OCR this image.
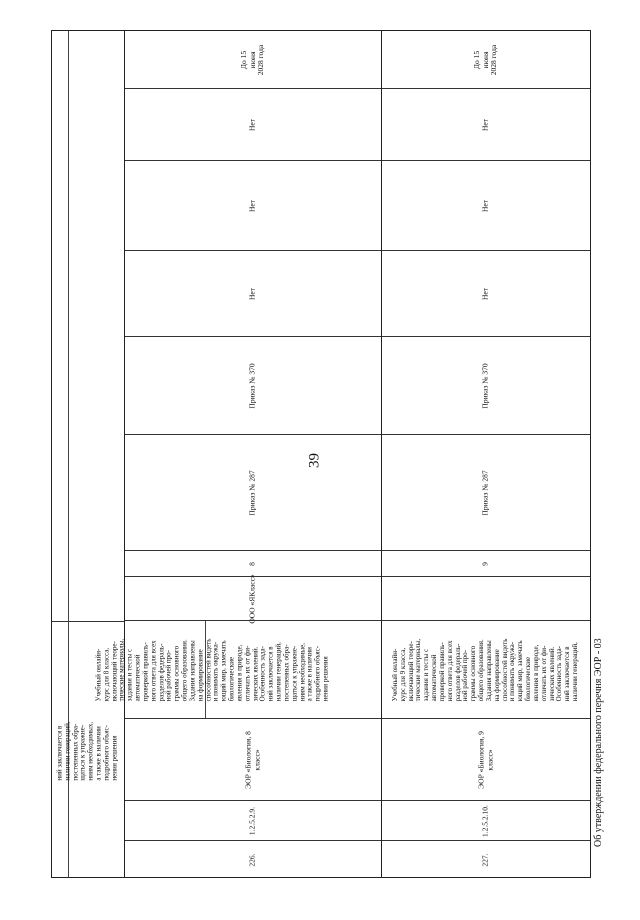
39
Об утверждении федерального перечня ЭОР - 03
ний заключается в
наличии генераций,
постепенных обра-
щаться к упражне-
ниям необходимых,
а также в наличии
подробного объяс-
нения решения
До 15
июня
2028 года
Нет
Нет
Нет
Приказ № 370
Приказ № 287
8
ООО «ЯКласс»
Учебный онлайн-
курс для 8 класса,
включающий теоре-
тические материалы,
задания и тесты с
автоматической
проверкой правиль-
ного ответа для всех
разделов федераль-
ной рабочей про-
граммы основного
общего образования.
Задания направлены
на формирование
способностей видеть
и понимать окружа-
ющий мир, замечать
биологические
явления в природе,
отличать их от фи-
зических явлений.
Особенность зада-
ний заключается в
наличии генераций,
постепенных обра-
щаться к упражне-
ниям необходимые,
а также в наличии
подробного объяс-
нения решения
ЭОР «Биология, 8
класс»
1.2.5.2.9.
226.
До 15
июня
2028 года
Нет
Нет
Нет
Приказ № 370
Приказ № 287
9
Учебный онлайн-
курс для 9 класса,
включающий теоре-
тические материалы,
задания и тесты с
автоматической
проверкой правиль-
ного ответа для всех
разделов федераль-
ной рабочей про-
граммы основного
общего образования.
Задания направлены
на формирование
способностей видеть
и понимать окружа-
ющий мир, замечать
биологические
явления в природе,
отличать их от фи-
зических явлений.
Особенность зада-
ний заключается в
наличии генераций,
ЭОР «Биология, 9
класс»
1.2.5.2.10.
227.
